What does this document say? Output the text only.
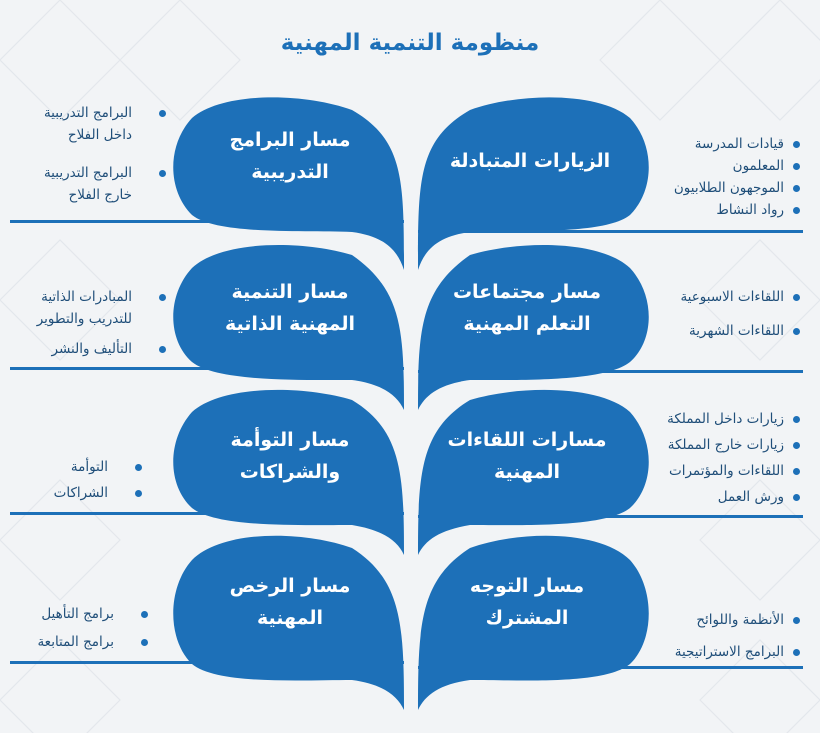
منظومة التنمية المهنية
الزيارات المتبادلة
مسار مجتماعات
التعلم المهنية
مسارات اللقاءات
المهنية
مسار التوجه
المشترك
مسار البرامج
التدريبية
مسار التنمية
المهنية الذاتية
مسار التوأمة
والشراكات
مسار الرخص
المهنية
قيادات المدرسة
المعلمون
الموجهون الطلابيون
رواد النشاط
اللقاءات الاسبوعية
اللقاءات الشهرية
زيارات داخل المملكة
زيارات خارج المملكة
اللقاءات والمؤتمرات
ورش العمل
الأنظمة واللوائح
البرامج الاستراتيجية
البرامج التدريبية
داخل الفلاح
البرامج التدريبية
خارج الفلاح
المبادرات الذاتية
للتدريب والتطوير
التأليف والنشر
التوأمة
الشراكات
برامج التأهيل
برامج المتابعة
